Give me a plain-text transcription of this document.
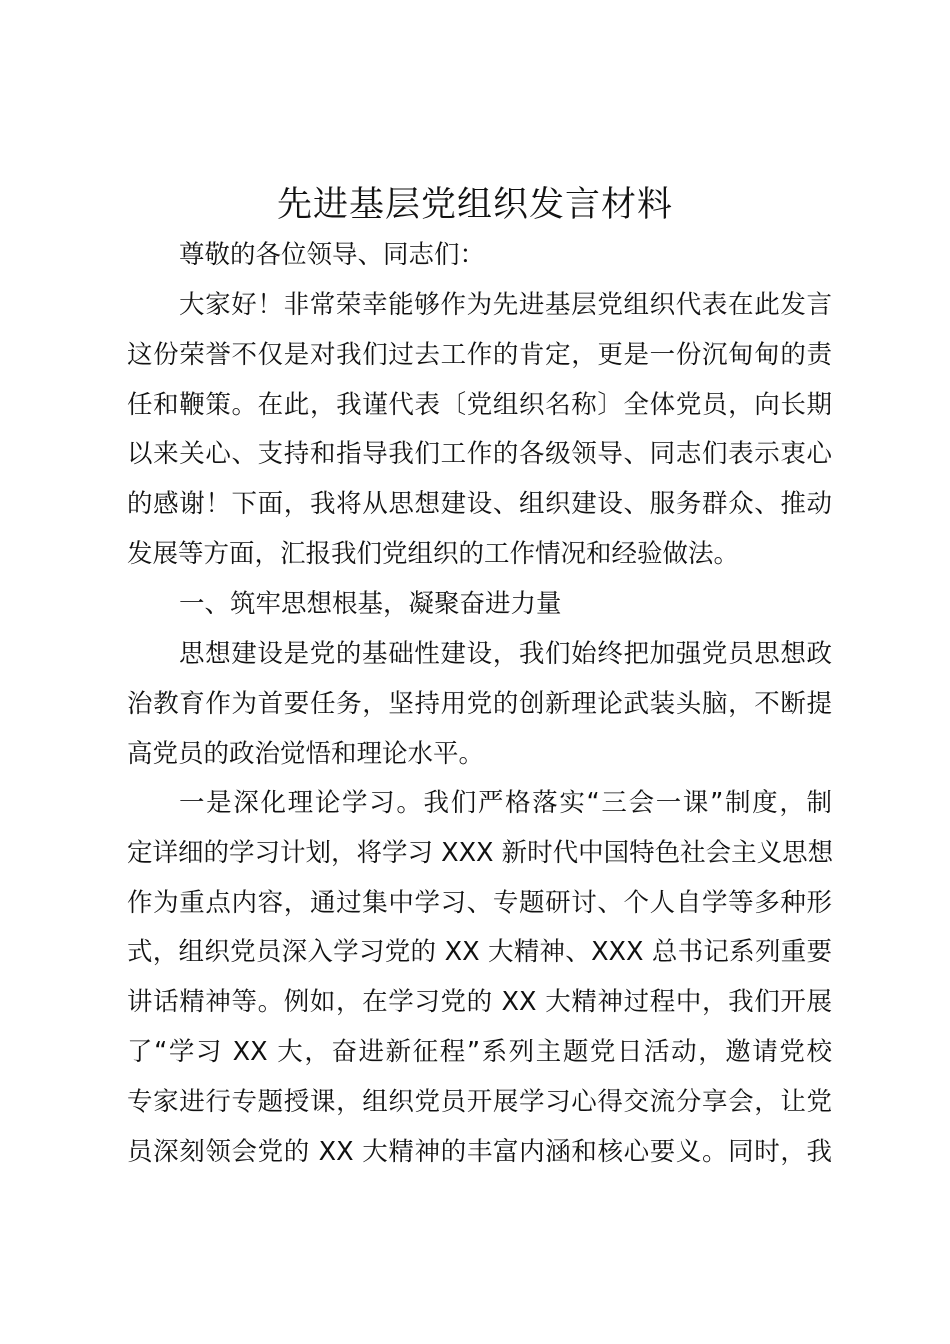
先进基层党组织发言材料
尊敬的各位领导、同志们：
大家好！非常荣幸能够作为先进基层党组织代表在此发言
这份荣誉不仅是对我们过去工作的肯定，更是一份沉甸甸的责
任和鞭策。在此，我谨代表〔党组织名称〕全体党员，向长期
以来关心、支持和指导我们工作的各级领导、同志们表示衷心
的感谢！下面，我将从思想建设、组织建设、服务群众、推动
发展等方面，汇报我们党组织的工作情况和经验做法。
一、筑牢思想根基，凝聚奋进力量
思想建设是党的基础性建设，我们始终把加强党员思想政
治教育作为首要任务，坚持用党的创新理论武装头脑，不断提
高党员的政治觉悟和理论水平。
一是深化理论学习。我们严格落实“三会一课”制度，制
定详细的学习计划，将学习 XXX 新时代中国特色社会主义思想
作为重点内容，通过集中学习、专题研讨、个人自学等多种形
式，组织党员深入学习党的 XX 大精神、XXX 总书记系列重要
讲话精神等。例如，在学习党的 XX 大精神过程中，我们开展
了“学习 XX 大，奋进新征程”系列主题党日活动，邀请党校
专家进行专题授课，组织党员开展学习心得交流分享会，让党
员深刻领会党的 XX 大精神的丰富内涵和核心要义。同时，我
